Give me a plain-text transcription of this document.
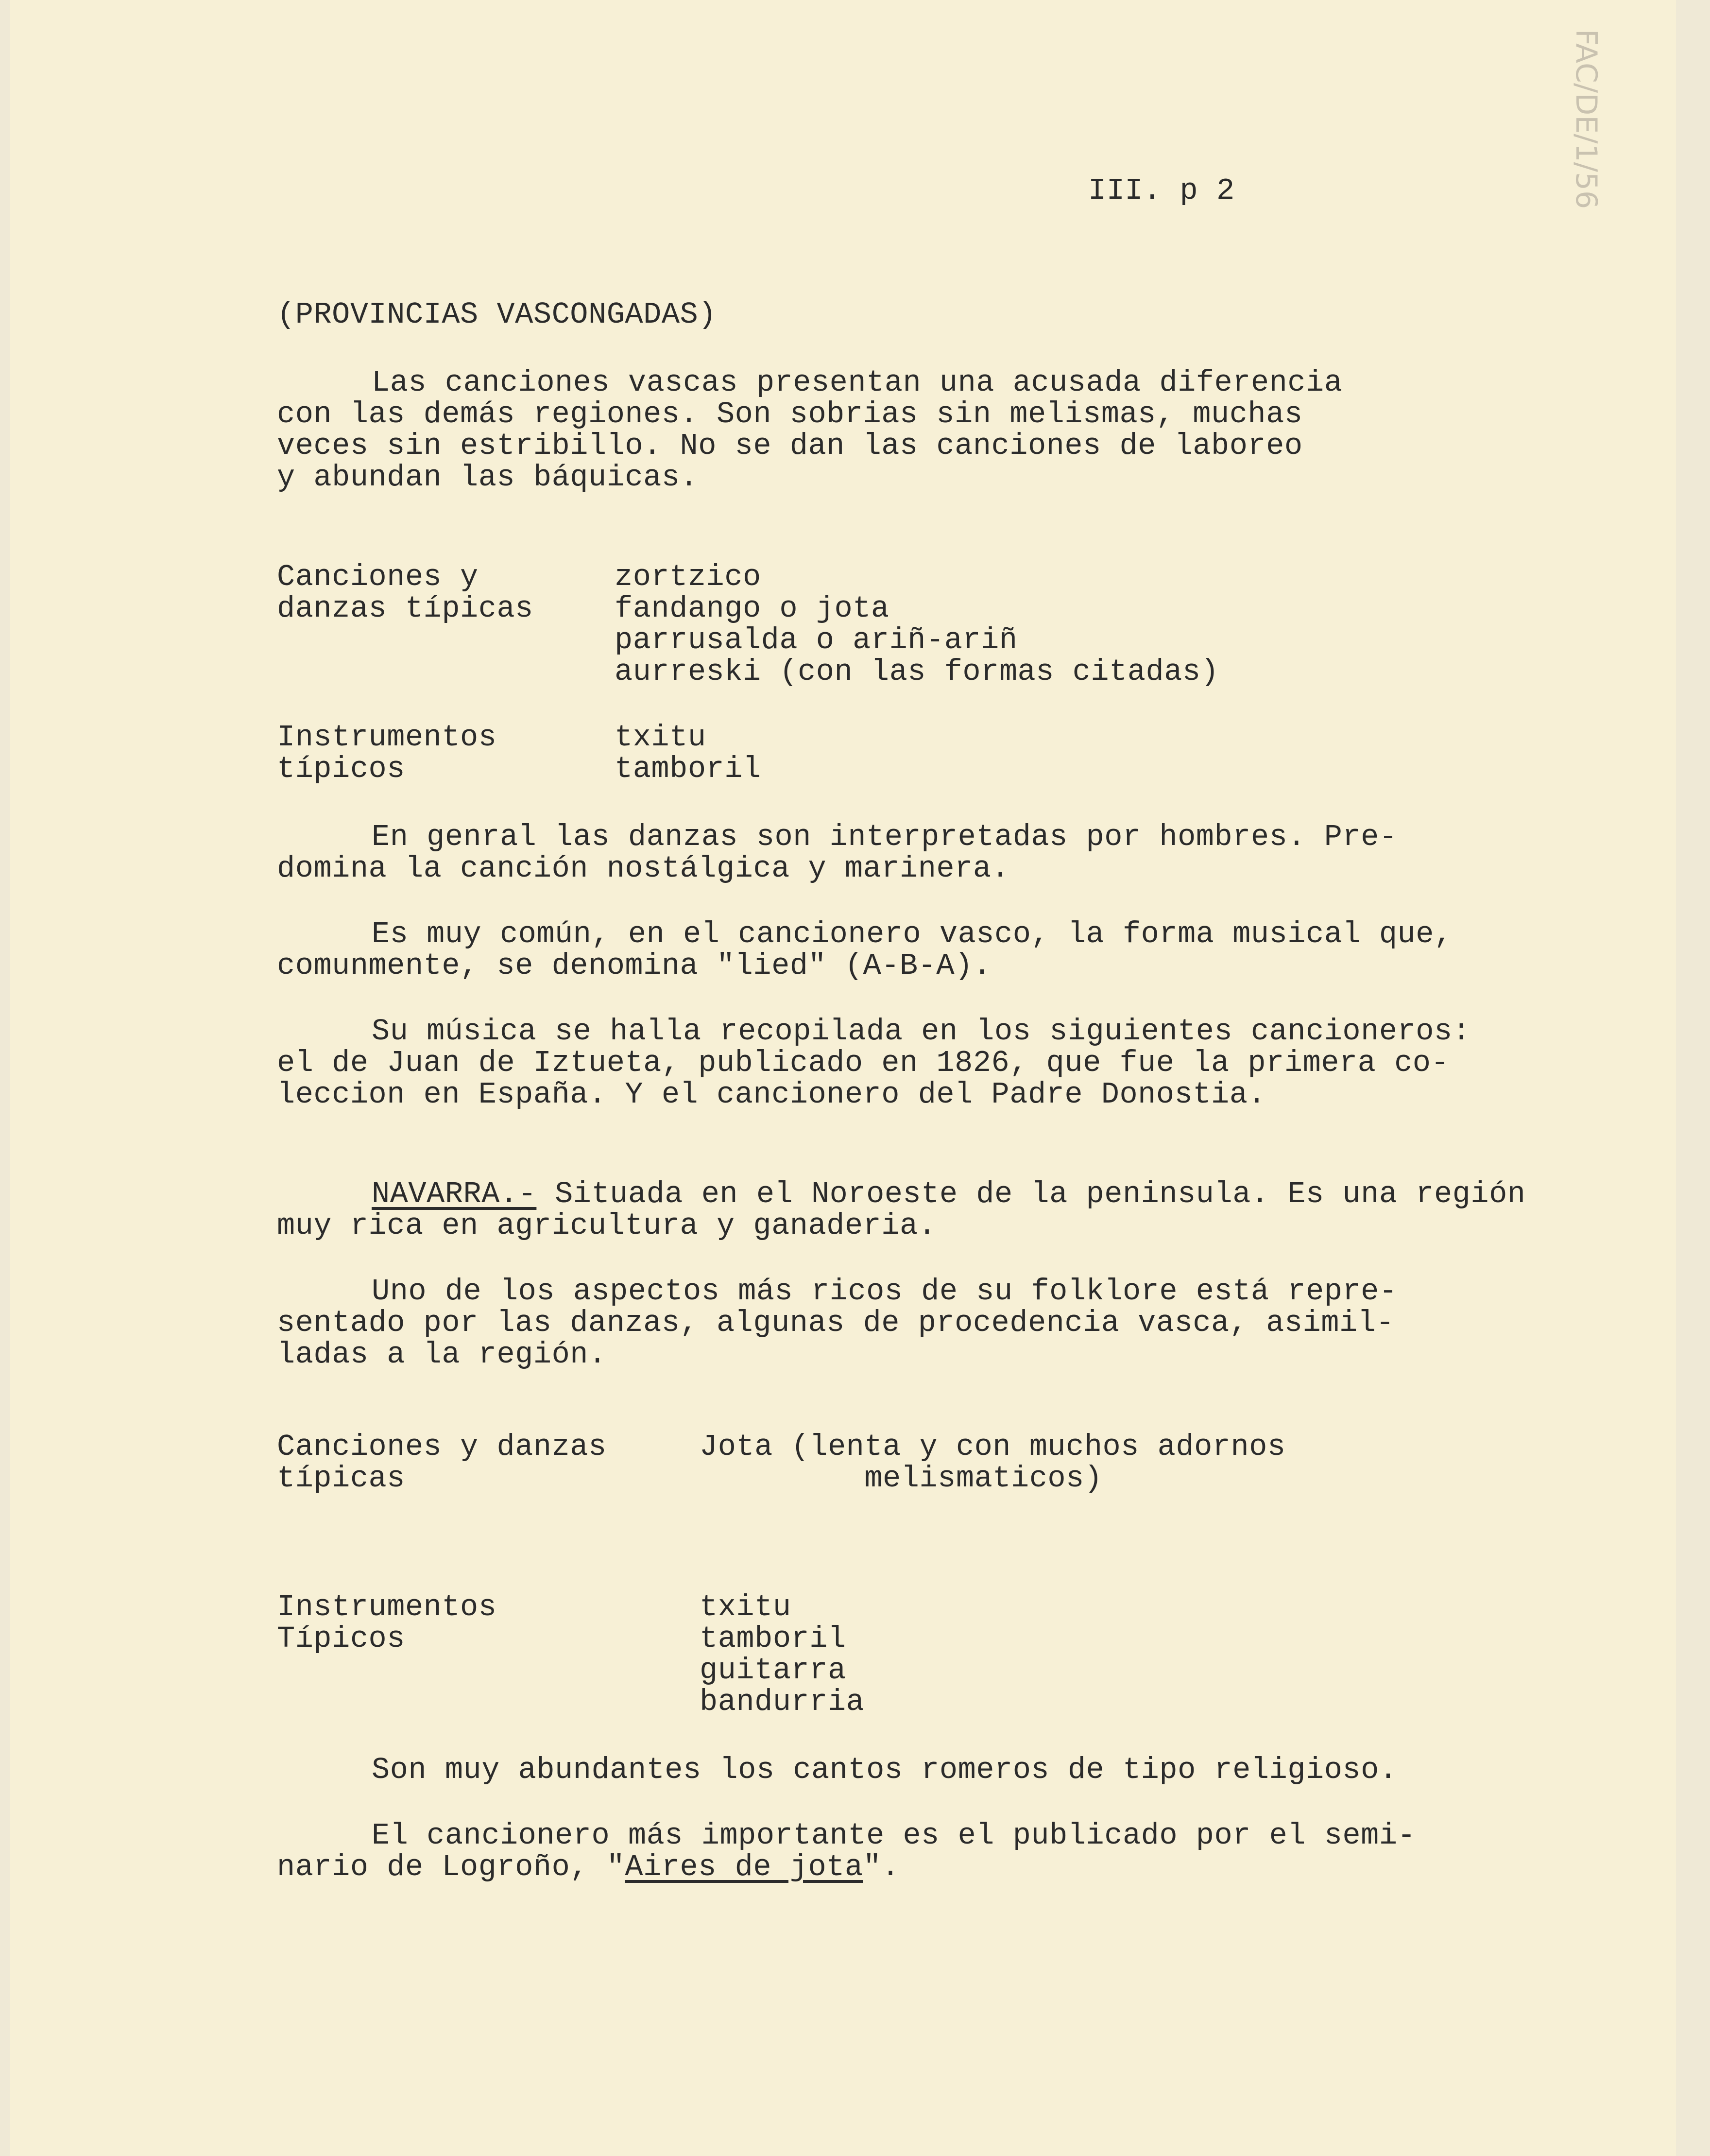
FAC/DE/1/56
III. p 2
(PROVINCIAS VASCONGADAS)
Las canciones vascas presentan una acusada diferencia
con las demás regiones. Son sobrias sin melismas, muchas
veces sin estribillo. No se dan las canciones de laboreo
y abundan las báquicas.
Canciones y
danzas típicas
zortzico
fandango o jota
parrusalda o ariñ-ariñ
aurreski (con las formas citadas)
Instrumentos
típicos
txitu
tamboril
En genral las danzas son interpretadas por hombres. Pre-
domina la canción nostálgica y marinera.
Es muy común, en el cancionero vasco, la forma musical que,
comunmente, se denomina "lied" (A-B-A).
Su música se halla recopilada en los siguientes cancioneros:
el de Juan de Iztueta, publicado en 1826, que fue la primera co-
leccion en España. Y el cancionero del Padre Donostia.
NAVARRA.- Situada en el Noroeste de la peninsula. Es una región
muy rica en agricultura y ganaderia.
Uno de los aspectos más ricos de su folklore está repre-
sentado por las danzas, algunas de procedencia vasca, asimil-
ladas a la región.
Canciones y danzas
típicas
Jota (lenta y con muchos adornos
melismaticos)
Instrumentos
Típicos
txitu
tamboril
guitarra
bandurria
Son muy abundantes los cantos romeros de tipo religioso.
El cancionero más importante es el publicado por el semi-
nario de Logroño, "Aires de jota".
